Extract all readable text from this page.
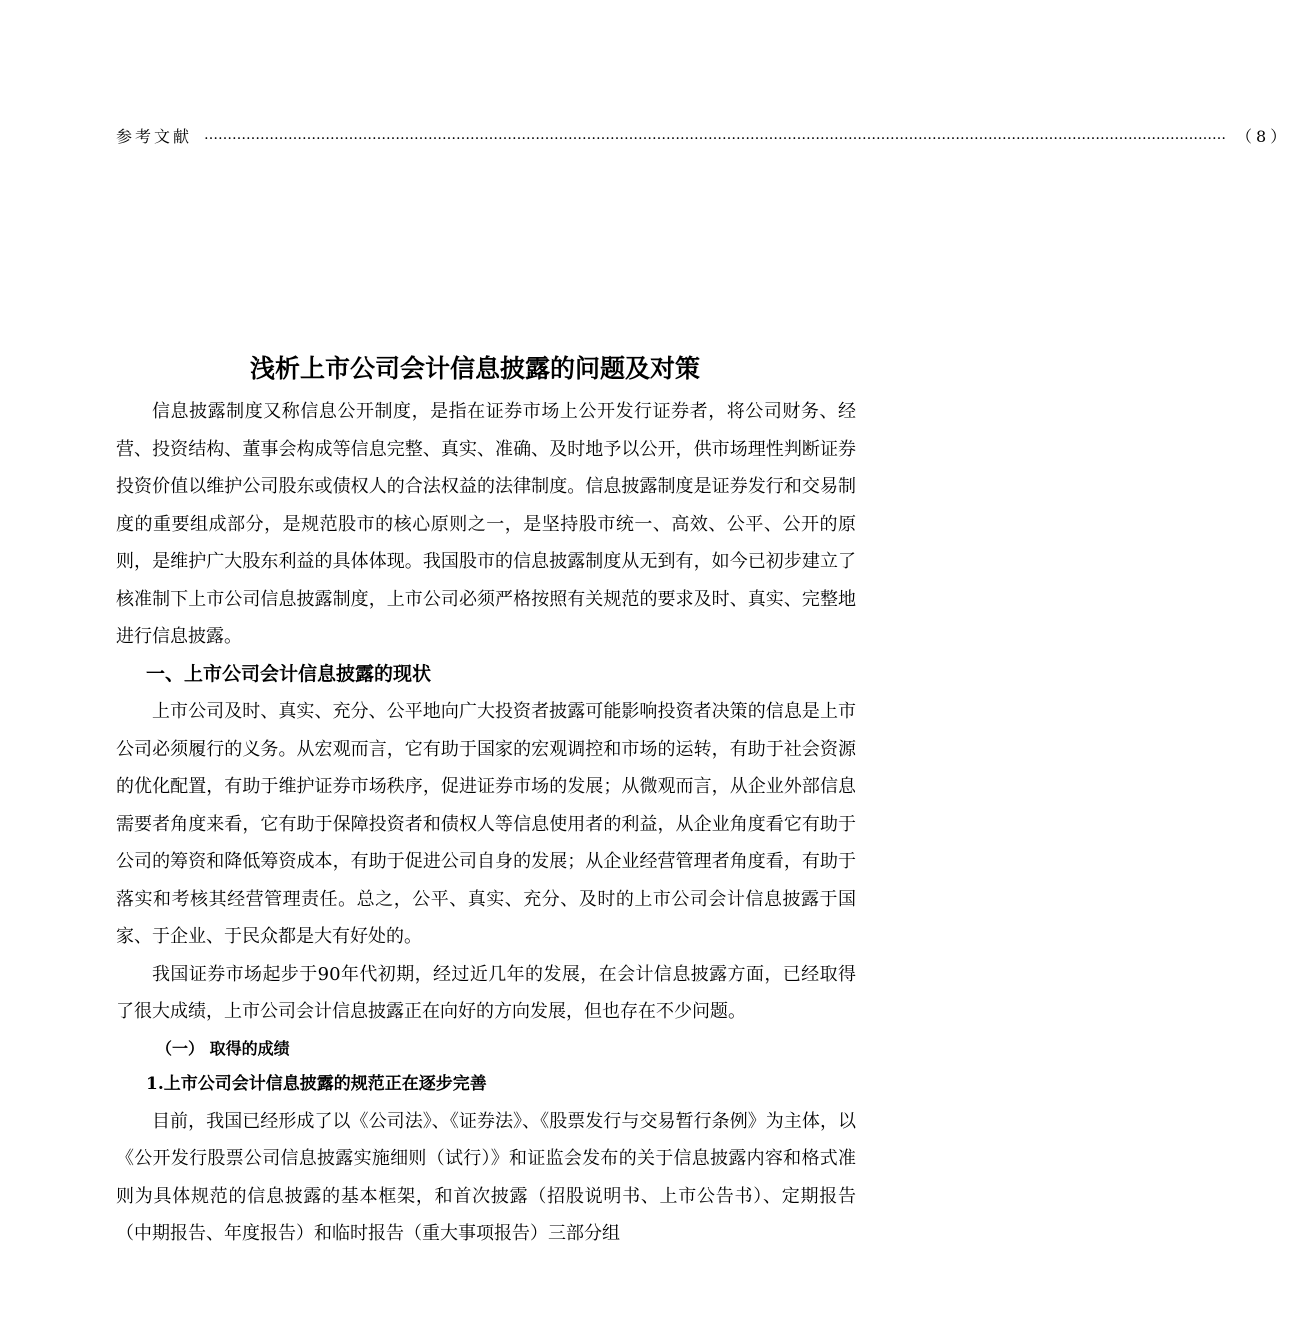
参考文献 ………………………………………………………………………………………………………………………………………………………………………………………………… （8）
浅析上市公司会计信息披露的问题及对策

信息披露制度又称信息公开制度，是指在证券市场上公开发行证券者，将公司财务、经营、投资结构、董事会构成等信息完整、真实、准确、及时地予以公开，供市场理性判断证券投资价值以维护公司股东或债权人的合法权益的法律制度。信息披露制度是证券发行和交易制度的重要组成部分，是规范股市的核心原则之一，是坚持股市统一、高效、公平、公开的原则，是维护广大股东利益的具体体现。我国股市的信息披露制度从无到有，如今已初步建立了核准制下上市公司信息披露制度，上市公司必须严格按照有关规范的要求及时、真实、完整地进行信息披露。

一、上市公司会计信息披露的现状

上市公司及时、真实、充分、公平地向广大投资者披露可能影响投资者决策的信息是上市公司必须履行的义务。从宏观而言，它有助于国家的宏观调控和市场的运转，有助于社会资源的优化配置，有助于维护证券市场秩序，促进证券市场的发展；从微观而言，从企业外部信息需要者角度来看，它有助于保障投资者和债权人等信息使用者的利益，从企业角度看它有助于公司的筹资和降低筹资成本，有助于促进公司自身的发展；从企业经营管理者角度看，有助于落实和考核其经营管理责任。总之，公平、真实、充分、及时的上市公司会计信息披露于国家、于企业、于民众都是大有好处的。

我国证券市场起步于90年代初期，经过近几年的发展，在会计信息披露方面，已经取得了很大成绩，上市公司会计信息披露正在向好的方向发展，但也存在不少问题。

（一） 取得的成绩
1.上市公司会计信息披露的规范正在逐步完善

目前，我国已经形成了以《公司法》、《证券法》、《股票发行与交易暂行条例》为主体，以《公开发行股票公司信息披露实施细则（试行）》和证监会发布的关于信息披露内容和格式准则为具体规范的信息披露的基本框架，和首次披露（招股说明书、上市公告书）、定期报告（中期报告、年度报告）和临时报告（重大事项报告）三部分组
